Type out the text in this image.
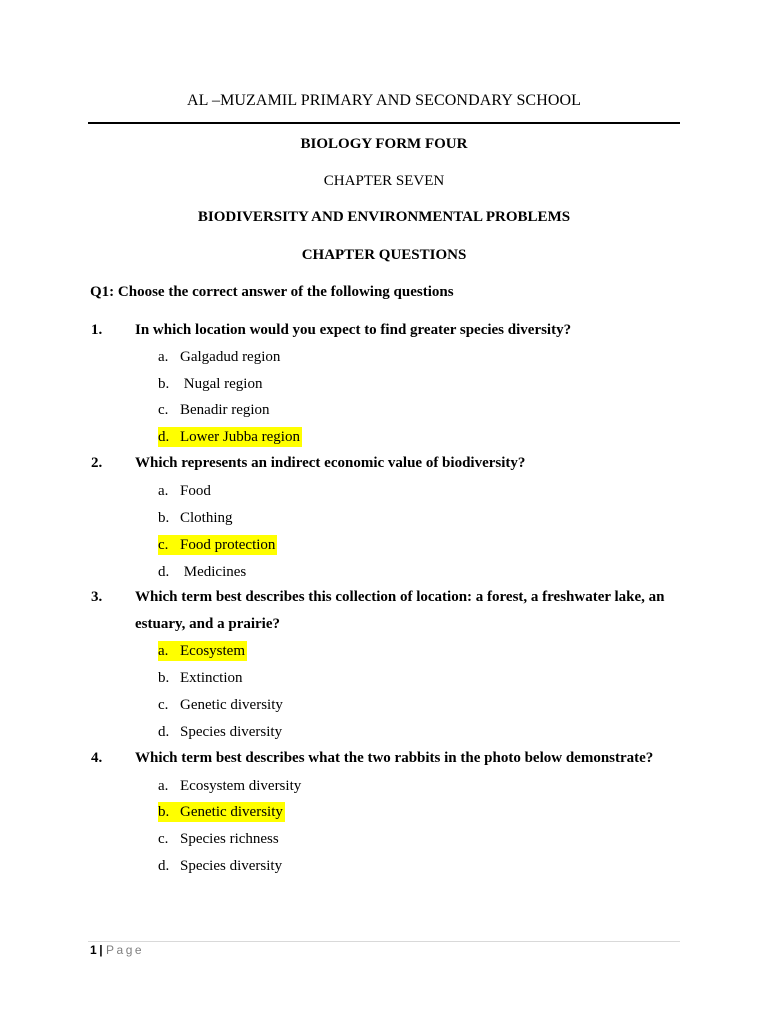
AL –MUZAMIL PRIMARY AND SECONDARY SCHOOL
BIOLOGY FORM FOUR
CHAPTER SEVEN
BIODIVERSITY AND ENVIRONMENTAL PROBLEMS
CHAPTER QUESTIONS
Q1: Choose the correct answer of the following questions
1. In which location would you expect to find greater species diversity?
a. Galgadud region
b. Nugal region
c. Benadir region
d. Lower Jubba region
2. Which represents an indirect economic value of biodiversity?
a. Food
b. Clothing
c. Food protection
d. Medicines
3. Which term best describes this collection of location: a forest, a freshwater lake, an estuary, and a prairie?
a. Ecosystem
b. Extinction
c. Genetic diversity
d. Species diversity
4. Which term best describes what the two rabbits in the photo below demonstrate?
a. Ecosystem diversity
b. Genetic diversity
c. Species richness
d. Species diversity
1 | Page
